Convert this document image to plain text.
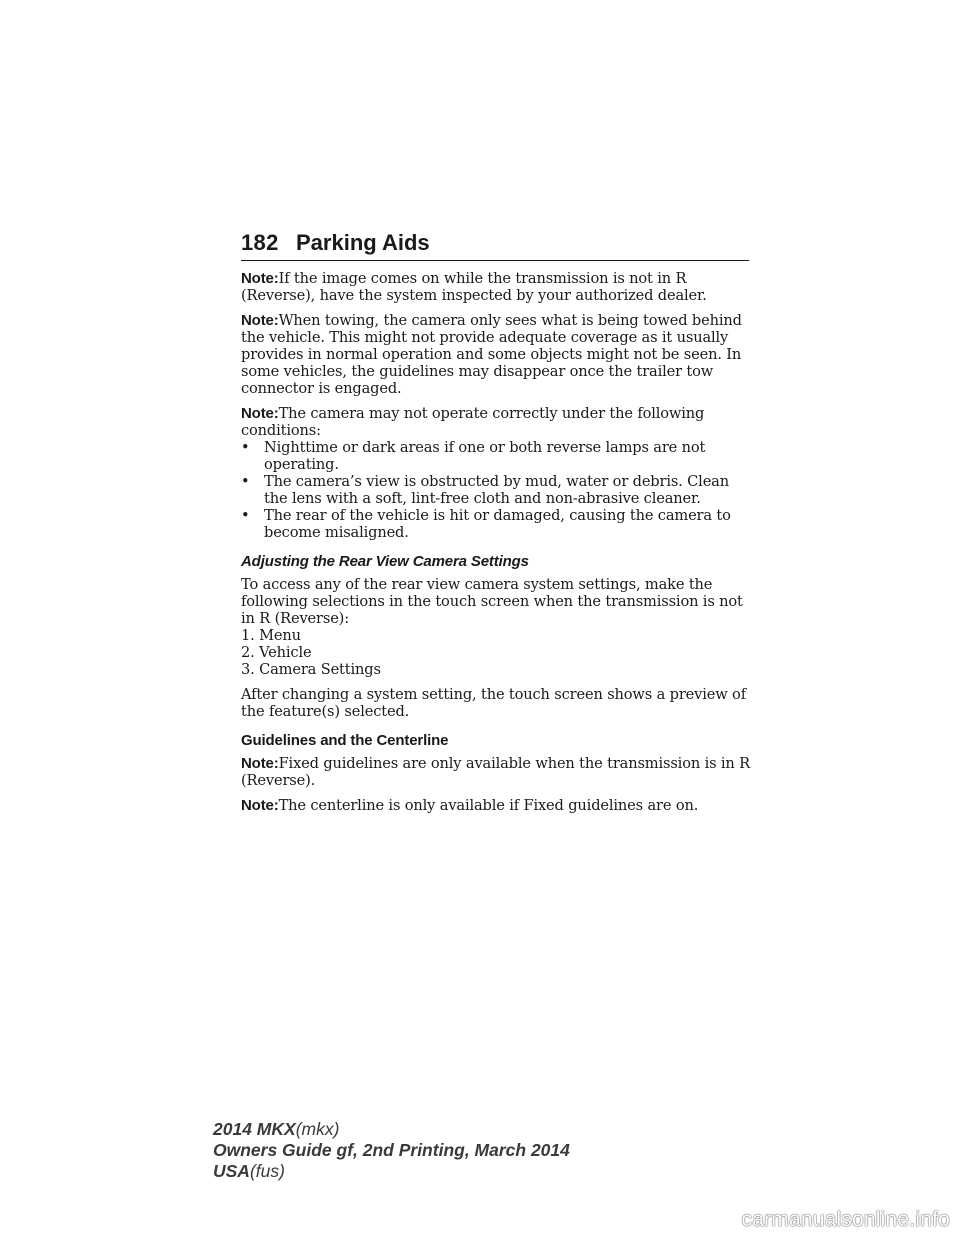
182 Parking Aids

Note:If the image comes on while the transmission is not in R (Reverse), have the system inspected by your authorized dealer.

Note:When towing, the camera only sees what is being towed behind the vehicle. This might not provide adequate coverage as it usually provides in normal operation and some objects might not be seen. In some vehicles, the guidelines may disappear once the trailer tow connector is engaged.

Note:The camera may not operate correctly under the following conditions:

• Nighttime or dark areas if one or both reverse lamps are not operating.
• The camera’s view is obstructed by mud, water or debris. Clean the lens with a soft, lint-free cloth and non-abrasive cleaner.
• The rear of the vehicle is hit or damaged, causing the camera to become misaligned.
Adjusting the Rear View Camera Settings

To access any of the rear view camera system settings, make the following selections in the touch screen when the transmission is not in R (Reverse):

1. Menu
2. Vehicle
3. Camera Settings

After changing a system setting, the touch screen shows a preview of the feature(s) selected.

Guidelines and the Centerline

Note:Fixed guidelines are only available when the transmission is in R (Reverse).

Note:The centerline is only available if Fixed guidelines are on.

2014 MKX(mkx)
Owners Guide gf, 2nd Printing, March 2014
USA(fus)
carmanualsonline.info
